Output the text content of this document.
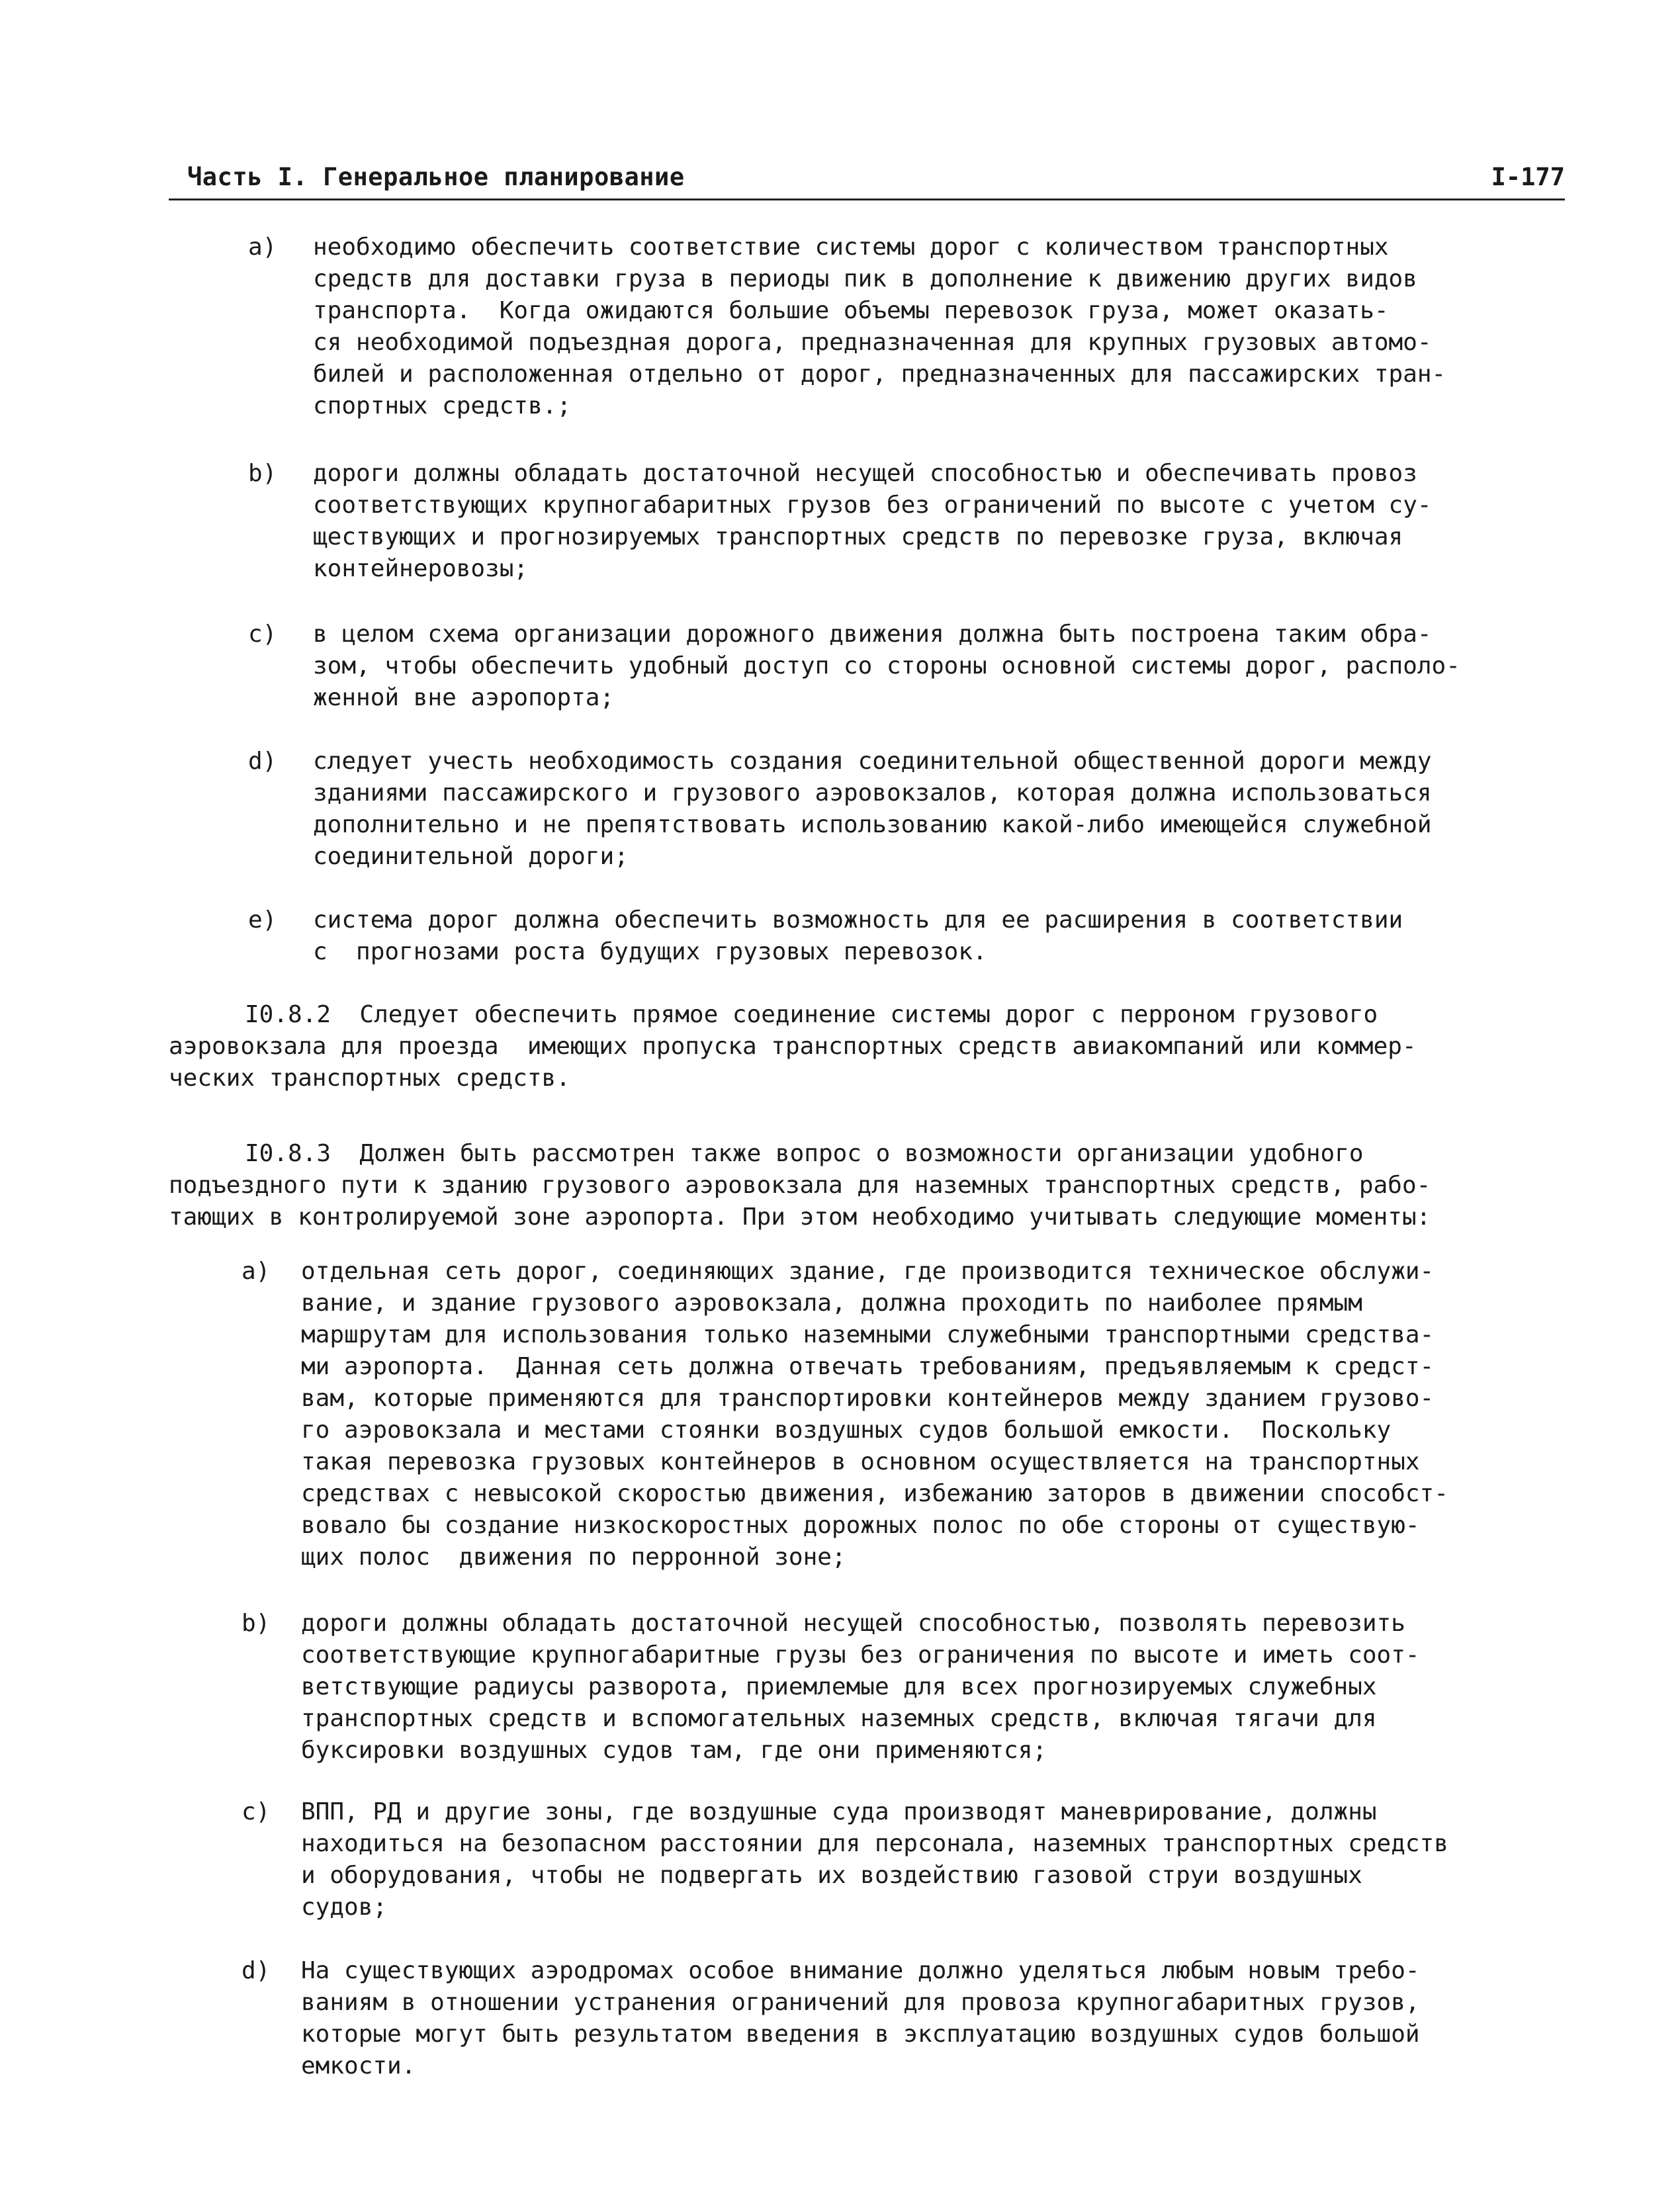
Часть I. Генеральное планирование	I-177
a) необходимо обеспечить соответствие системы дорог с количеством транспортных
средств для доставки груза в периоды пик в дополнение к движению других видов
транспорта.  Когда ожидаются большие объемы перевозок груза, может оказать-
ся необходимой подъездная дорога, предназначенная для крупных грузовых автомо-
билей и расположенная отдельно от дорог, предназначенных для пассажирских тран-
спортных средств.;
b) дороги должны обладать достаточной несущей способностью и обеспечивать провоз
соответствующих крупногабаритных грузов без ограничений по высоте с учетом су-
ществующих и прогнозируемых транспортных средств по перевозке груза, включая
контейнеровозы;
c) в целом схема организации дорожного движения должна быть построена таким обра-
зом, чтобы обеспечить удобный доступ со стороны основной системы дорог, располо-
женной вне аэропорта;
d) следует учесть необходимость создания соединительной общественной дороги между
зданиями пассажирского и грузового аэровокзалов, которая должна использоваться
дополнительно и не препятствовать использованию какой-либо имеющейся служебной
соединительной дороги;
e) система дорог должна обеспечить возможность для ее расширения в соответствии
с  прогнозами роста будущих грузовых перевозок.
I0.8.2  Следует обеспечить прямое соединение системы дорог с перроном грузового
аэровокзала для проезда  имеющих пропуска транспортных средств авиакомпаний или коммер-
ческих транспортных средств.
I0.8.3  Должен быть рассмотрен также вопрос о возможности организации удобного
подъездного пути к зданию грузового аэровокзала для наземных транспортных средств, рабо-
тающих в контролируемой зоне аэропорта. При этом необходимо учитывать следующие моменты:
a) отдельная сеть дорог, соединяющих здание, где производится техническое обслужи-
вание, и здание грузового аэровокзала, должна проходить по наиболее прямым
маршрутам для использования только наземными служебными транспортными средства-
ми аэропорта.  Данная сеть должна отвечать требованиям, предъявляемым к средст-
вам, которые применяются для транспортировки контейнеров между зданием грузово-
го аэровокзала и местами стоянки воздушных судов большой емкости.  Поскольку
такая перевозка грузовых контейнеров в основном осуществляется на транспортных
средствах с невысокой скоростью движения, избежанию заторов в движении способст-
вовало бы создание низкоскоростных дорожных полос по обе стороны от существую-
щих полос  движения по перронной зоне;
b) дороги должны обладать достаточной несущей способностью, позволять перевозить
соответствующие крупногабаритные грузы без ограничения по высоте и иметь соот-
ветствующие радиусы разворота, приемлемые для всех прогнозируемых служебных
транспортных средств и вспомогательных наземных средств, включая тягачи для
буксировки воздушных судов там, где они применяются;
c) ВПП, РД и другие зоны, где воздушные суда производят маневрирование, должны
находиться на безопасном расстоянии для персонала, наземных транспортных средств
и оборудования, чтобы не подвергать их воздействию газовой струи воздушных
судов;
d) На существующих аэродромах особое внимание должно уделяться любым новым требо-
ваниям в отношении устранения ограничений для провоза крупногабаритных грузов,
которые могут быть результатом введения в эксплуатацию воздушных судов большой
емкости.
